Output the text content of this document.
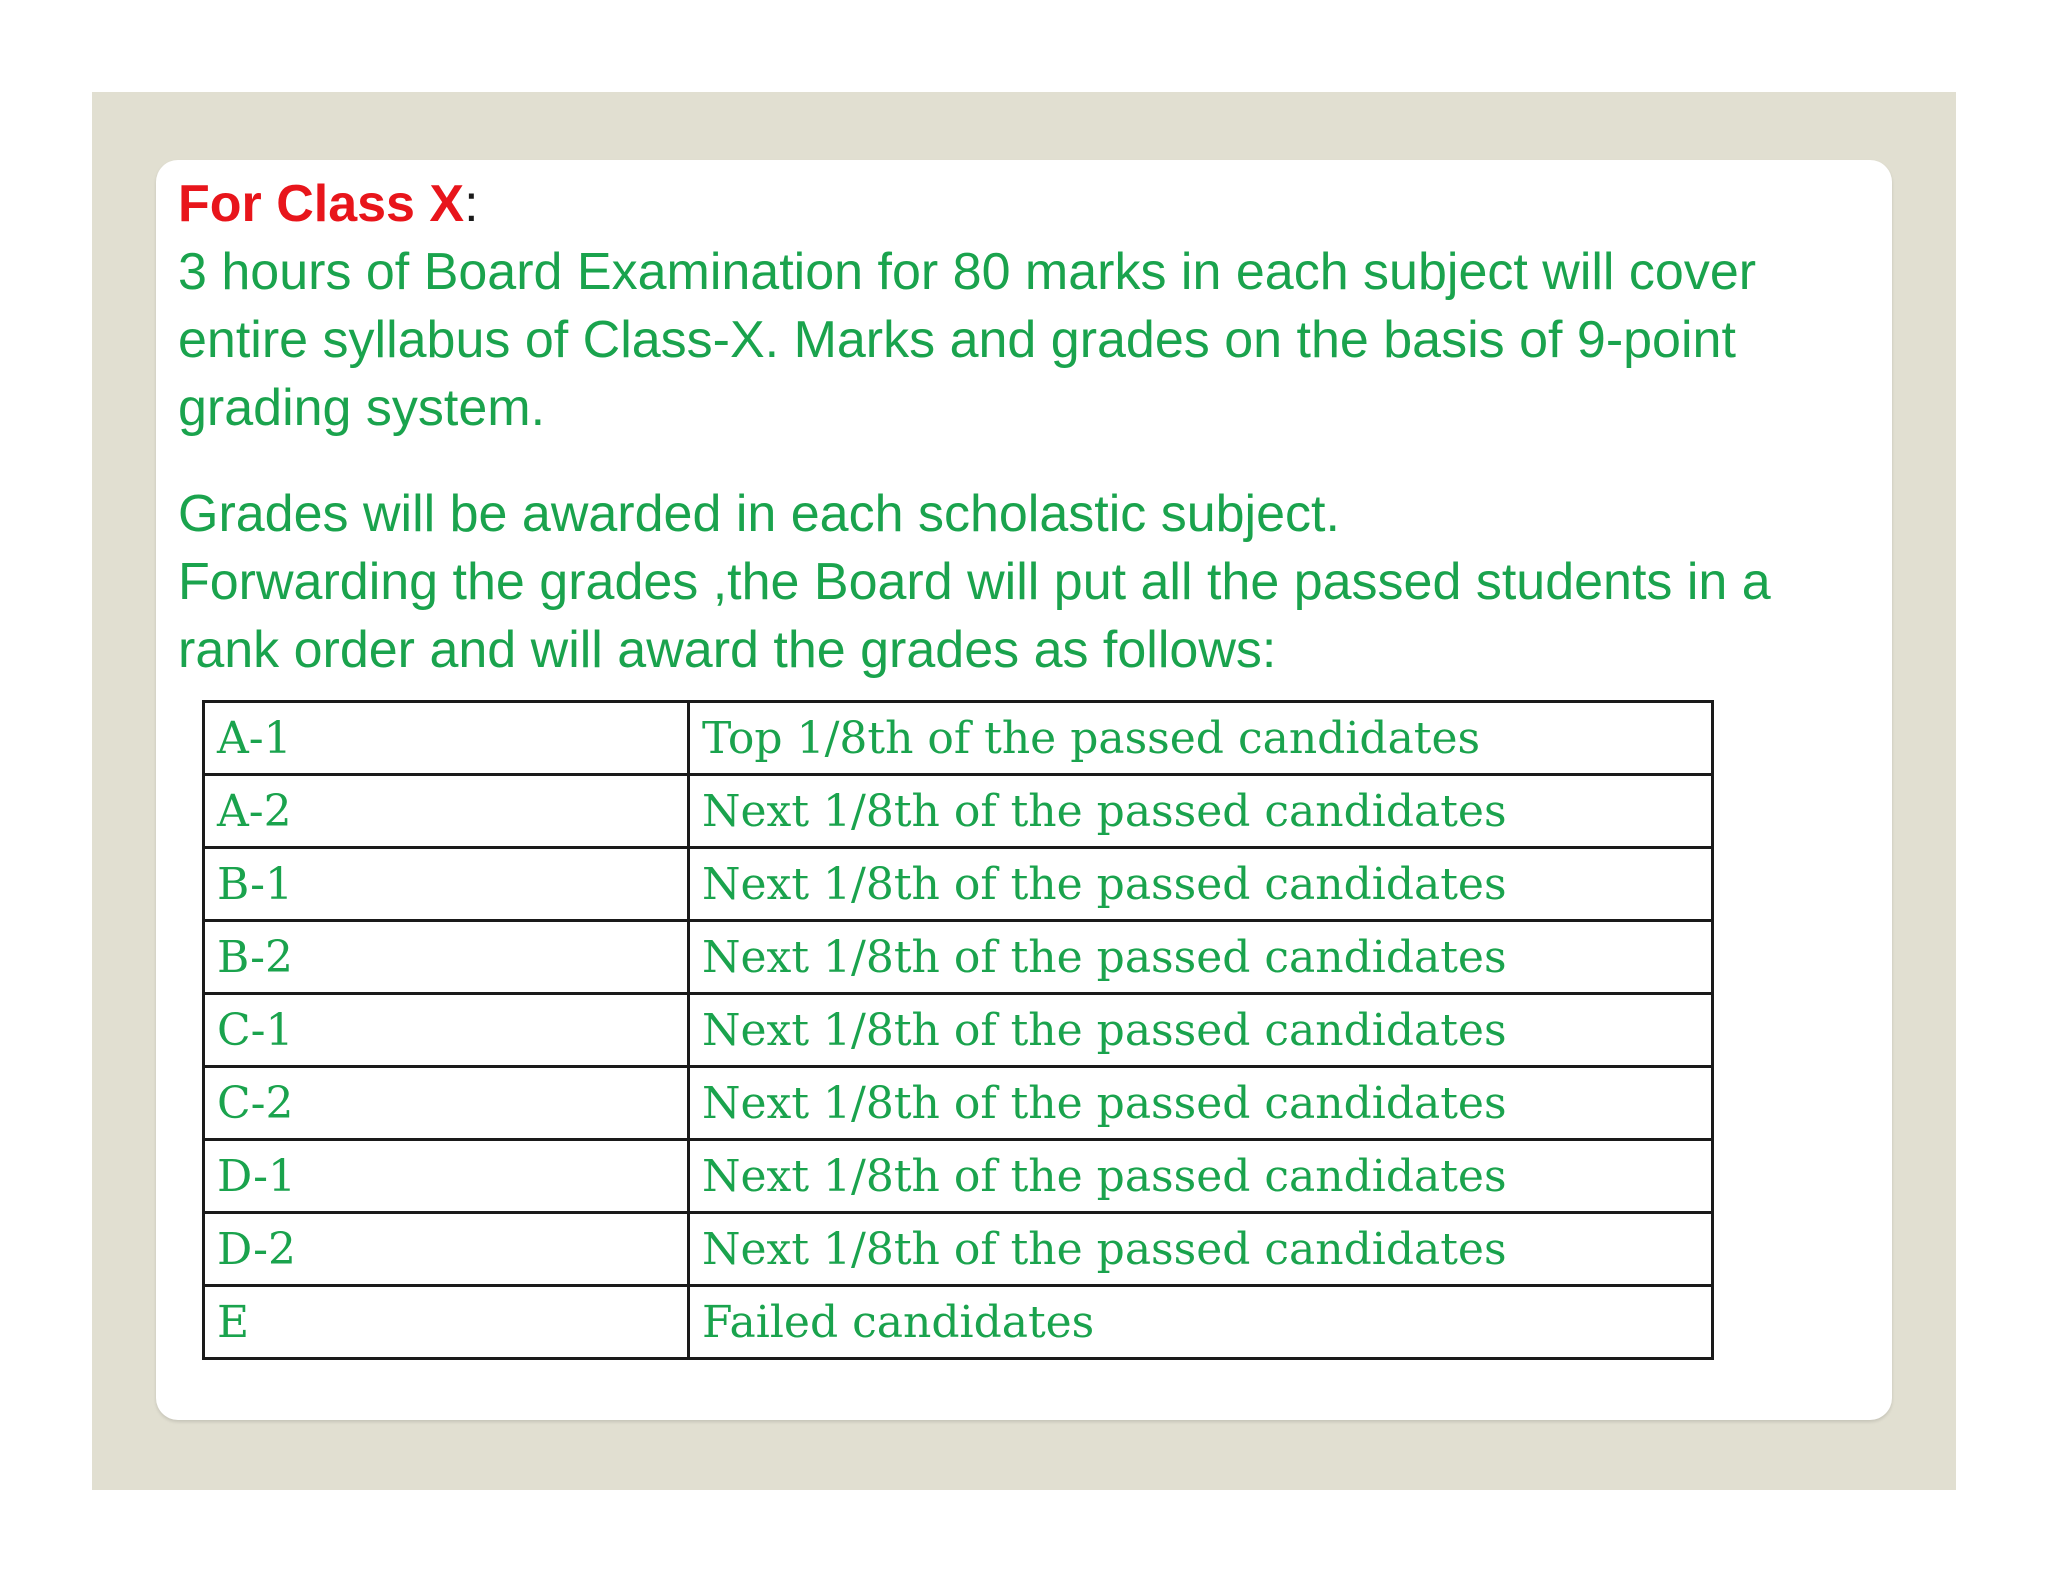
For Class X:

3 hours of Board Examination for 80 marks in each subject will cover entire syllabus of Class-X. Marks and grades on the basis of 9-point grading system.

Grades will be awarded in each scholastic subject.

Forwarding the grades ,the Board will put all the passed students in a rank order and will award the grades as follows:

A-1	Top 1/8th of the passed candidates
A-2	Next 1/8th of the passed candidates
B-1	Next 1/8th of the passed candidates
B-2	Next 1/8th of the passed candidates
C-1	Next 1/8th of the passed candidates
C-2	Next 1/8th of the passed candidates
D-1	Next 1/8th of the passed candidates
D-2	Next 1/8th of the passed candidates
E	Failed candidates
